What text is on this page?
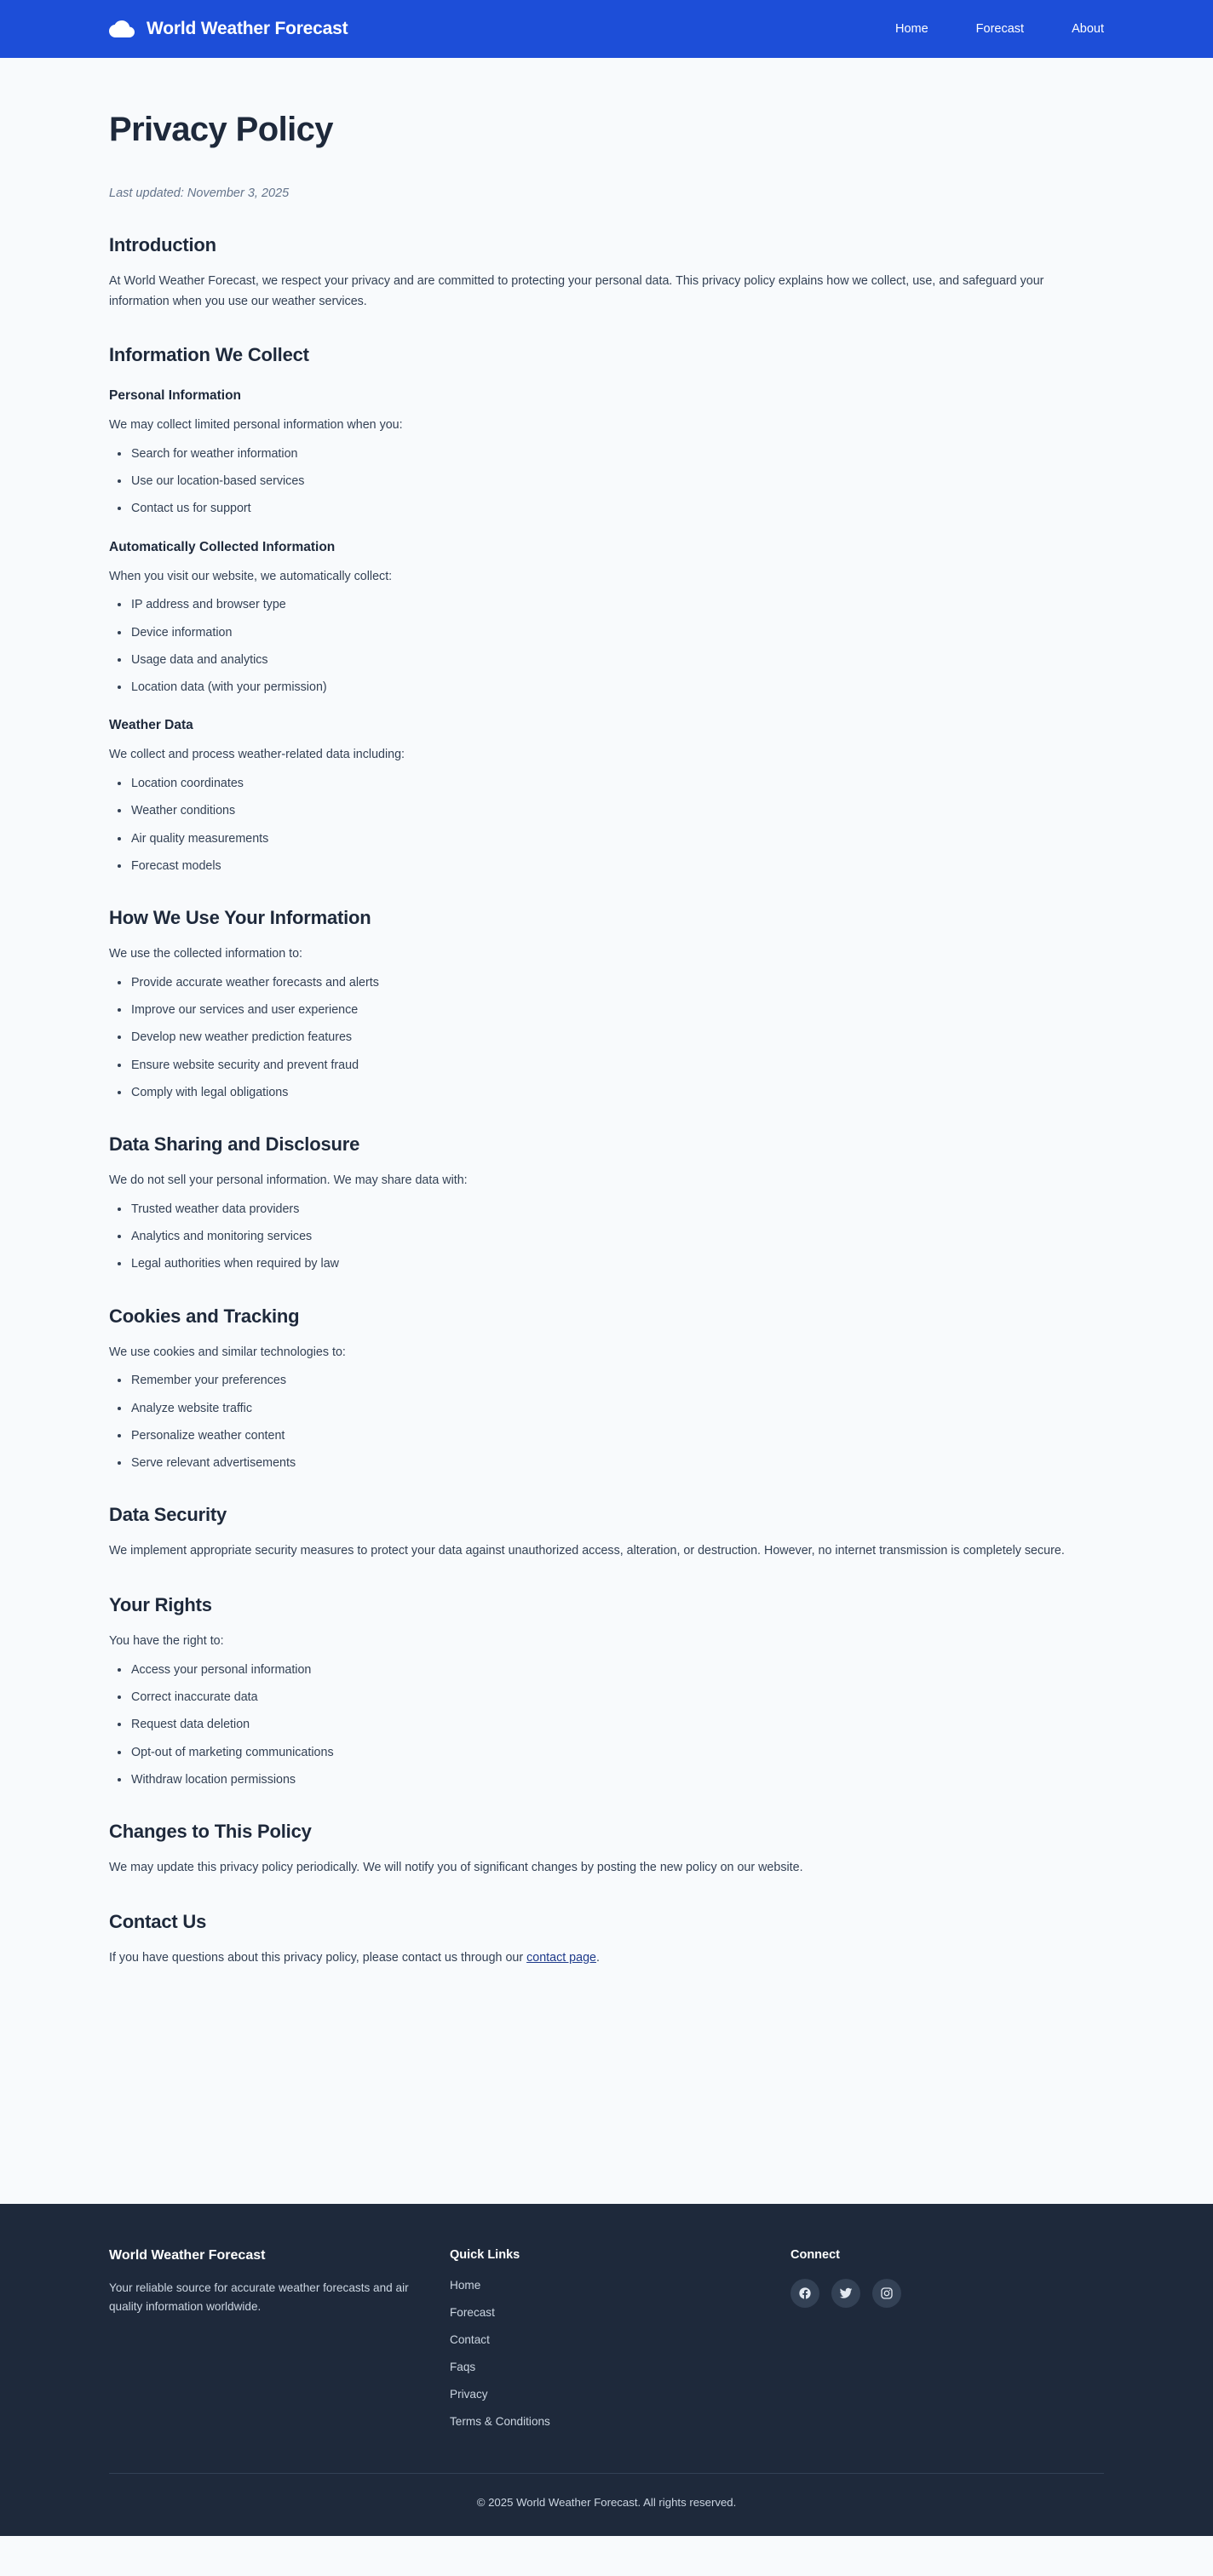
World Weather Forecast	Home	Forecast	About
Privacy Policy
Last updated: November 3, 2025
Introduction

At World Weather Forecast, we respect your privacy and are committed to protecting your personal data. This privacy policy explains how we collect, use, and safeguard your information when you use our weather services.

Information We Collect
Personal Information

We may collect limited personal information when you:

Search for weather information
Use our location-based services
Contact us for support
Automatically Collected Information

When you visit our website, we automatically collect:

IP address and browser type
Device information
Usage data and analytics
Location data (with your permission)
Weather Data

We collect and process weather-related data including:

Location coordinates
Weather conditions
Air quality measurements
Forecast models
How We Use Your Information

We use the collected information to:

Provide accurate weather forecasts and alerts
Improve our services and user experience
Develop new weather prediction features
Ensure website security and prevent fraud
Comply with legal obligations
Data Sharing and Disclosure

We do not sell your personal information. We may share data with:

Trusted weather data providers
Analytics and monitoring services
Legal authorities when required by law
Cookies and Tracking

We use cookies and similar technologies to:

Remember your preferences
Analyze website traffic
Personalize weather content
Serve relevant advertisements
Data Security

We implement appropriate security measures to protect your data against unauthorized access, alteration, or destruction. However, no internet transmission is completely secure.

Your Rights

You have the right to:

Access your personal information
Correct inaccurate data
Request data deletion
Opt-out of marketing communications
Withdraw location permissions
Changes to This Policy

We may update this privacy policy periodically. We will notify you of significant changes by posting the new policy on our website.

Contact Us

If you have questions about this privacy policy, please contact us through our contact page.

World Weather Forecast
Your reliable source for accurate weather forecasts and air quality information worldwide.
Quick Links
Home
Forecast
Contact
Faqs
Privacy
Terms & Conditions
Connect
© 2025 World Weather Forecast. All rights reserved.
